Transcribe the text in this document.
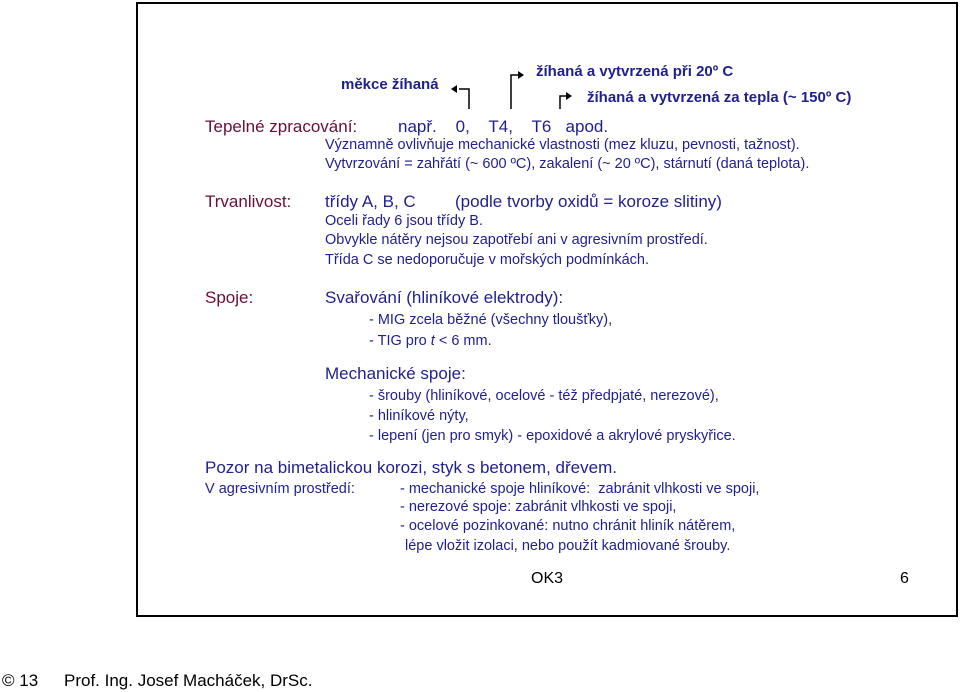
měkce žíhaná
žíhaná a vytvrzená při 20º C
žíhaná a vytvrzená za tepla (~ 150º C)
Tepelné zpracování: např.    0,    T4,    T6   apod.
Významně ovlivňuje mechanické vlastnosti (mez kluzu, pevnosti, tažnost).
Vytvrzování = zahřátí (~ 600 ºC), zakalení (~ 20 ºC), stárnutí (daná teplota).
Trvanlivost: třídy A, B, C (podle tvorby oxidů = koroze slitiny)
Oceli řady 6 jsou třídy B.
Obvykle nátěry nejsou zapotřebí ani v agresivním prostředí.
Třída C se nedoporučuje v mořských podmínkách.
Spoje:	Svařování (hliníkové elektrody):
- MIG zcela běžné (všechny tloušťky),
- TIG pro t < 6 mm.
Mechanické spoje:
- šrouby (hliníkové, ocelové - též předpjaté, nerezové),
- hliníkové nýty,
- lepení (jen pro smyk) - epoxidové a akrylové pryskyřice.
Pozor na bimetalickou korozi, styk s betonem, dřevem.
V agresivním prostředí:	- mechanické spoje hliníkové:  zabránit vlhkosti ve spoji,
- nerezové spoje: zabránit vlhkosti ve spoji,
- ocelové pozinkované: nutno chránit hliník nátěrem,
lépe vložit izolaci, nebo použít kadmiované šrouby.
OK3	6
© 13 Prof. Ing. Josef Macháček, DrSc.
